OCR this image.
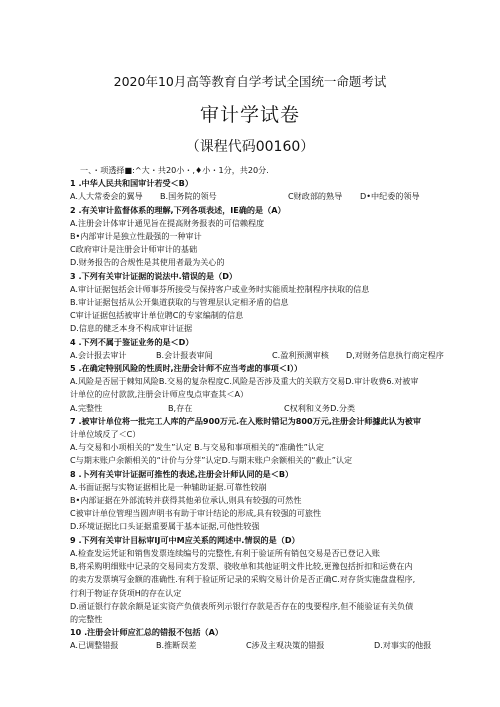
2020年10月高等教育自学考试全国统一命题考试
审计学试卷
（课程代码00160）
一、・项透择■:^大・共20小・,♦小・1分，共20分.
1 .中华人民共和国审计若受＜B）
A.人大常委会的翼导	B.国务院的领号	C财政部的熟导	D•中纪委的领导
2 .有关审计监督体系的理解,下列各项表述，IE确的是（A）
A.注册会计体审计通见旨在提高财务报表的可信赖程度
B•内部审计是独立性最强的一种审计
C政府审计是注册会计师审计的基础
D.财务报告的合规性是其使用者最为关心的
3 .下列有关审计证据的说法中.错误的是（D）
A.审计证据包括会计师事芬所接受与保持客户或业务时实能质址控制程序扶取的信息
B.审计证据包括从公开集道获取的与管理层认定相矛盾的信息
C审计证据包括被审计单位聘C的专家编制的信息
D.信息的健乏本身不构成审计证据
4 .下列不属于鉴证业务的是＜D）
A.会计报去审计	B.会计报表审间	C.盈利预测审核	D,对财务信息执行商定程序
5 .在确定特别风险的性质时,注册会计师不应当考虑的事项＜I））
A.风险是否屈于棘知风险B.交易的复杂程度C.风险是否涉及重大的关联方交易D.审计收费6.对被审
计单位的应付款款,注册会计师应曳点审查其＜A）
A.完整性	B,存在	C权利和义务D.分类
7 .被审计单位将一批完工人库的产品900万元.在入账时错记为800万元,注册会计师據此认为被审
计单位域反了＜C）
A.与交易和小项相关的“发生”认定 B.与交易和事项相关的“准确性”认定
C与期末账户余额相关的“计价与分芽”认定D.与期末账户余额相关的“截止”认定
8 .卜列有关审计证据可推性的表述,注册会计师认同的是＜B）
A.书面证据与实物证据相比是一种辅助证据.可靠性较崩
B•内部证据在外部流转并获得其他弟位承认,则具有较强的可然性
C被审计单位管理当圆声明书有助于审计结论的形成,具有较强的可旅性
D.环境证据比口头证据重要属于基本证据,可他性较强
9 .下列有关审计目标审IJ可中M应关系的网述中.情误的是（D）
A.检查发运凭证和销售发票连续编号的完整性,有利于验证所有销包交易是否已登记入账
B,将采购明细账中记录的交易同卖方发票、骁收单和其他证明文件比较,更豫包括折扣和运费在内
的卖方发票填写金额的准确性.有利于验证所记录的采购交易计价是否正确C.对存货实施盘盘程序,
行利于物证存货项H的存在认定
D.函证银行存款余额是证实资产负债表所列示银行存款是否存在的曳要程序,但不能验证有关负债
的完整性
10 .注册会计师应汇总的错报不包括（A）
A.已调整错报	B.推断误差	C涉及主观决策的错报	D.对事实的他报
